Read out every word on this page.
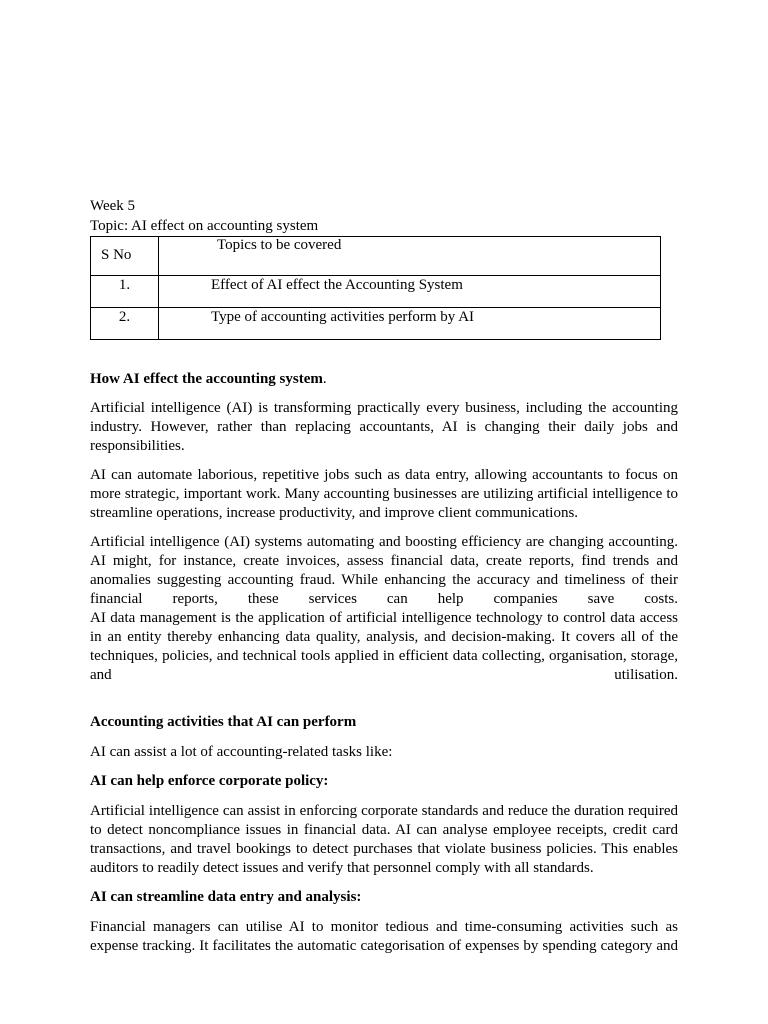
Week 5

Topic: AI effect on accounting system

S No	Topics to be covered
1.	Effect of AI effect the Accounting System
2.	Type of accounting activities perform by AI
How AI effect the accounting system.

Artificial intelligence (AI) is transforming practically every business, including the accounting industry. However, rather than replacing accountants, AI is changing their daily jobs and responsibilities.

AI can automate laborious, repetitive jobs such as data entry, allowing accountants to focus on more strategic, important work. Many accounting businesses are utilizing artificial intelligence to streamline operations, increase productivity, and improve client communications.

Artificial intelligence (AI) systems automating and boosting efficiency are changing accounting. AI might, for instance, create invoices, assess financial data, create reports, find trends and anomalies suggesting accounting fraud. While enhancing the accuracy and timeliness of their financial reports, these services can help companies save costs.

AI data management is the application of artificial intelligence technology to control data access in an entity thereby enhancing data quality, analysis, and decision-making. It covers all of the techniques, policies, and technical tools applied in efficient data collecting, organisation, storage, and utilisation.

Accounting activities that AI can perform

AI can assist a lot of accounting-related tasks like:

AI can help enforce corporate policy:

Artificial intelligence can assist in enforcing corporate standards and reduce the duration required to detect noncompliance issues in financial data. AI can analyse employee receipts, credit card transactions, and travel bookings to detect purchases that violate business policies. This enables auditors to readily detect issues and verify that personnel comply with all standards.

AI can streamline data entry and analysis:

Financial managers can utilise AI to monitor tedious and time-consuming activities such as expense tracking. It facilitates the automatic categorisation of expenses by spending category and
